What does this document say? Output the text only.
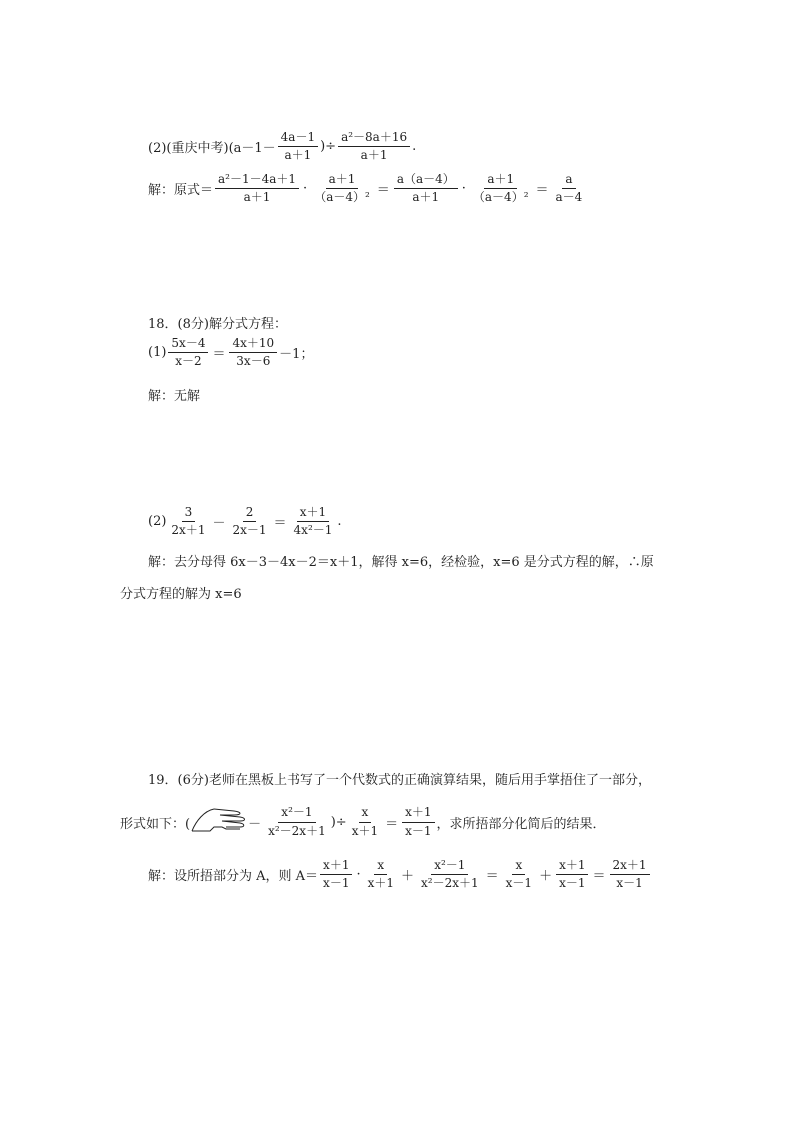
(2)(重庆中考) ($a-1- \frac{4a-1}{a+1}$ )÷ $\frac{\text{a²－8a＋16}}{a+1}$ .
解：原式＝ $\frac{\text{a²－1－4a＋1}}{a+1} \cdot \frac{a+1}{\text{（a－4）²}} = \frac{a(a-4)}{a+1} \cdot \frac{a+1}{\text{（a－4）²}} = \frac{a}{a-4}$
18．(8分)解分式方程：
$(1) \frac{5x-4}{x-2} = \frac{4x+10}{3x-6} -1$；
解：无解
$(2) \frac{3}{2x+1} - \frac{2}{2x-1} = \frac{x+1}{\text{4x²－1}}$ .
解：去分母得 6x－3－4x－2＝x＋1，解得 x=6，经检验，x=6 是分式方程的解，∴原
分式方程的解为 x=6
19．(6分)老师在黑板上书写了一个代数式的正确演算结果，随后用手掌捂住了一部分，
形式如下：(	－ $\frac{\text{x²－1}}{\text{x²－2x＋1}}$ )÷ $\frac{x}{x+1} = \frac{x+1}{x-1}$ ，求所捂部分化简后的结果．
解：设所捂部分为 A，则 $A= \frac{x+1}{x-1} \cdot \frac{x}{x+1} + \frac{\text{x²－1}}{\text{x²－2x＋1}} = \frac{x}{x-1} + \frac{x+1}{x-1} = \frac{2x+1}{x-1}$
